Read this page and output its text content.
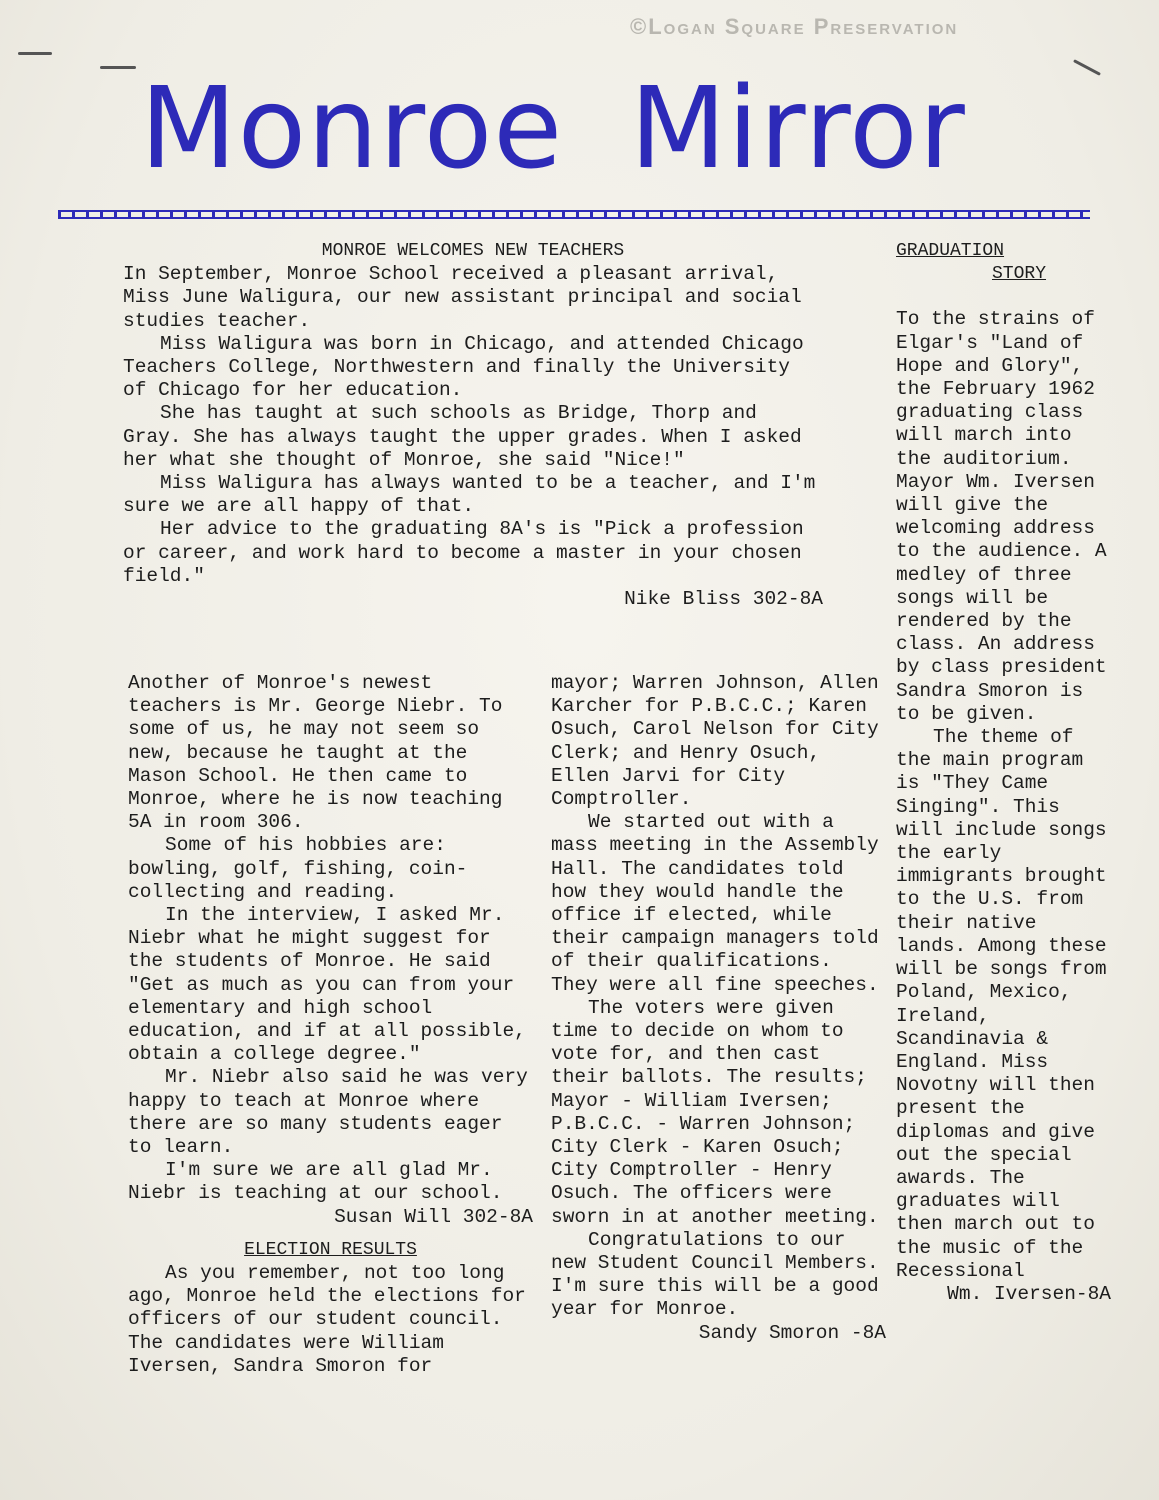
©Logan Square Preservation
Monroe Mirror

MONROE WELCOMES NEW TEACHERS

In September, Monroe School received a pleasant arrival, Miss June Waligura, our new assistant principal and social studies teacher.

Miss Waligura was born in Chicago, and attended Chicago Teachers College, Northwestern and finally the University of Chicago for her education.

She has taught at such schools as Bridge, Thorp and Gray. She has always taught the upper grades. When I asked her what she thought of Monroe, she said "Nice!"

Miss Waligura has always wanted to be a teacher, and I'm sure we are all happy of that.

Her advice to the graduating 8A's is "Pick a profession or career, and work hard to become a master in your chosen field."

Nike Bliss 302-8A

Another of Monroe's newest teachers is Mr. George Niebr. To some of us, he may not seem so new, because he taught at the Mason School. He then came to Monroe, where he is now teaching 5A in room 306.

Some of his hobbies are: bowling, golf, fishing, coin-collecting and reading.

In the interview, I asked Mr. Niebr what he might suggest for the students of Monroe. He said "Get as much as you can from your elementary and high school education, and if at all possible, obtain a college degree."

Mr. Niebr also said he was very happy to teach at Monroe where there are so many students eager to learn.

I'm sure we are all glad Mr. Niebr is teaching at our school.

Susan Will 302-8A

ELECTION RESULTS

As you remember, not too long ago, Monroe held the elections for officers of our student council. The candidates were William Iversen, Sandra Smoron for

mayor; Warren Johnson, Allen Karcher for P.B.C.C.; Karen Osuch, Carol Nelson for City Clerk; and Henry Osuch, Ellen Jarvi for City Comptroller.

We started out with a mass meeting in the Assembly Hall. The candidates told how they would handle the office if elected, while their campaign managers told of their qualifications. They were all fine speeches.

The voters were given time to decide on whom to vote for, and then cast their ballots. The results; Mayor - William Iversen; P.B.C.C. - Warren Johnson; City Clerk - Karen Osuch; City Comptroller - Henry Osuch. The officers were sworn in at another meeting.

Congratulations to our new Student Council Members. I'm sure this will be a good year for Monroe.

Sandy Smoron -8A

GRADUATION

STORY

To the strains of Elgar's "Land of Hope and Glory", the February 1962 graduating class will march into the auditorium. Mayor Wm. Iversen will give the welcoming address to the audience. A medley of three songs will be rendered by the class. An address by class president Sandra Smoron is to be given.

The theme of the main program is "They Came Singing". This will include songs the early immigrants brought to the U.S. from their native lands. Among these will be songs from Poland, Mexico, Ireland, Scandinavia & England. Miss Novotny will then present the diplomas and give out the special awards. The graduates will then march out to the music of the Recessional

Wm. Iversen-8A
